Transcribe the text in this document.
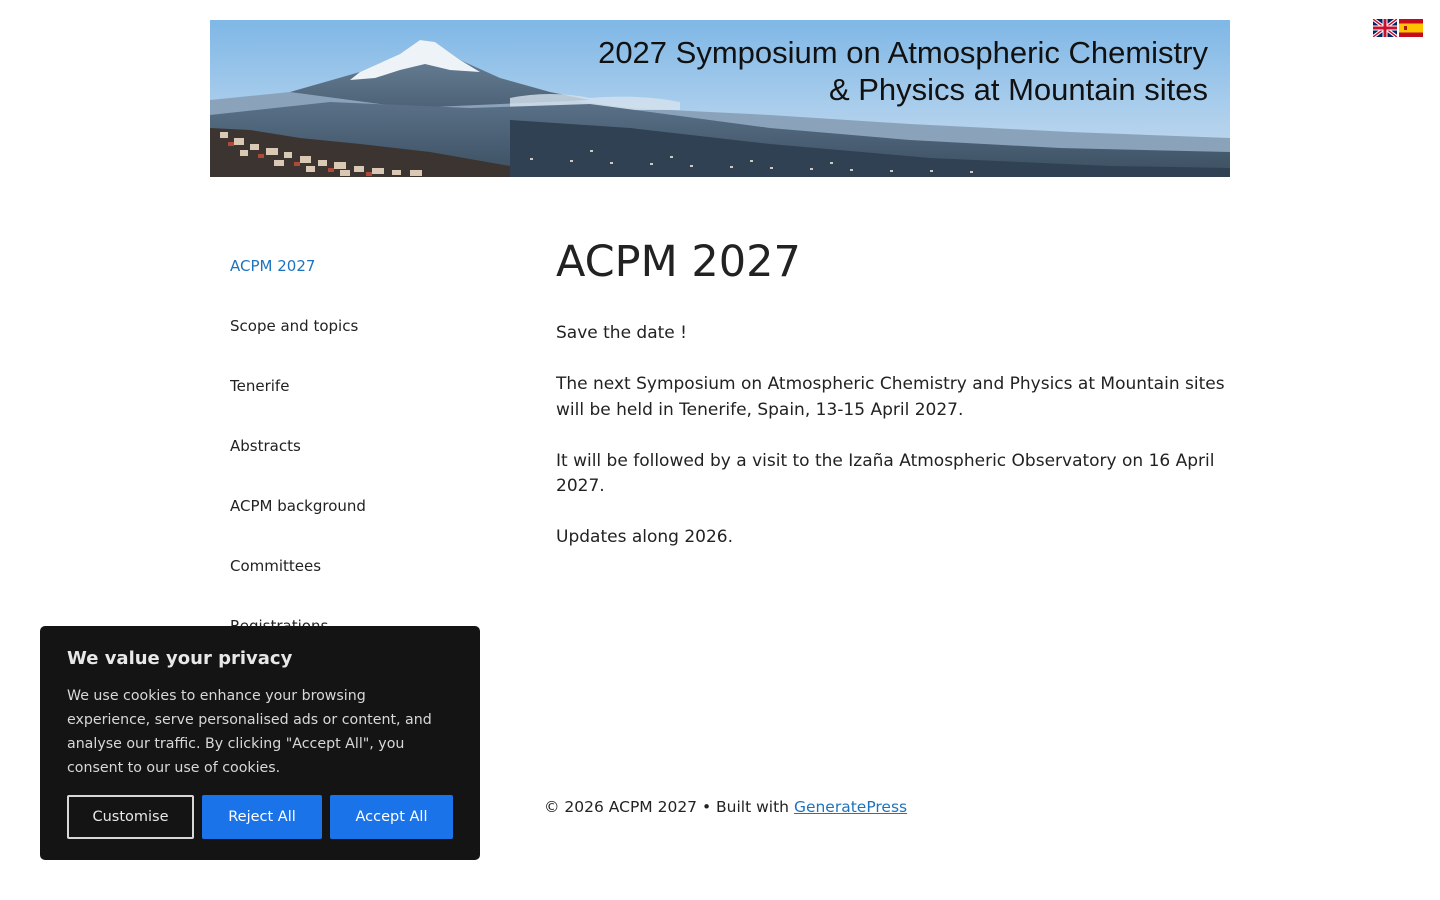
2027 Symposium on Atmospheric Chemistry
& Physics at Mountain sites
ACPM 2027
Scope and topics
Tenerife
Abstracts
ACPM background
Committees
ACPM 2027

Save the date !

The next Symposium on Atmospheric Chemistry and Physics at Mountain sites will be held in Tenerife, Spain, 13-15 April 2027.

It will be followed by a visit to the Izaña Atmospheric Observatory on 16 April 2027.

Updates along 2026.

© 2026 ACPM 2027 • Built with GeneratePress

We value your privacy

We use cookies to enhance your browsing experience, serve personalised ads or content, and analyse our traffic. By clicking "Accept All", you consent to our use of cookies.

Customise	Reject All	Accept All
